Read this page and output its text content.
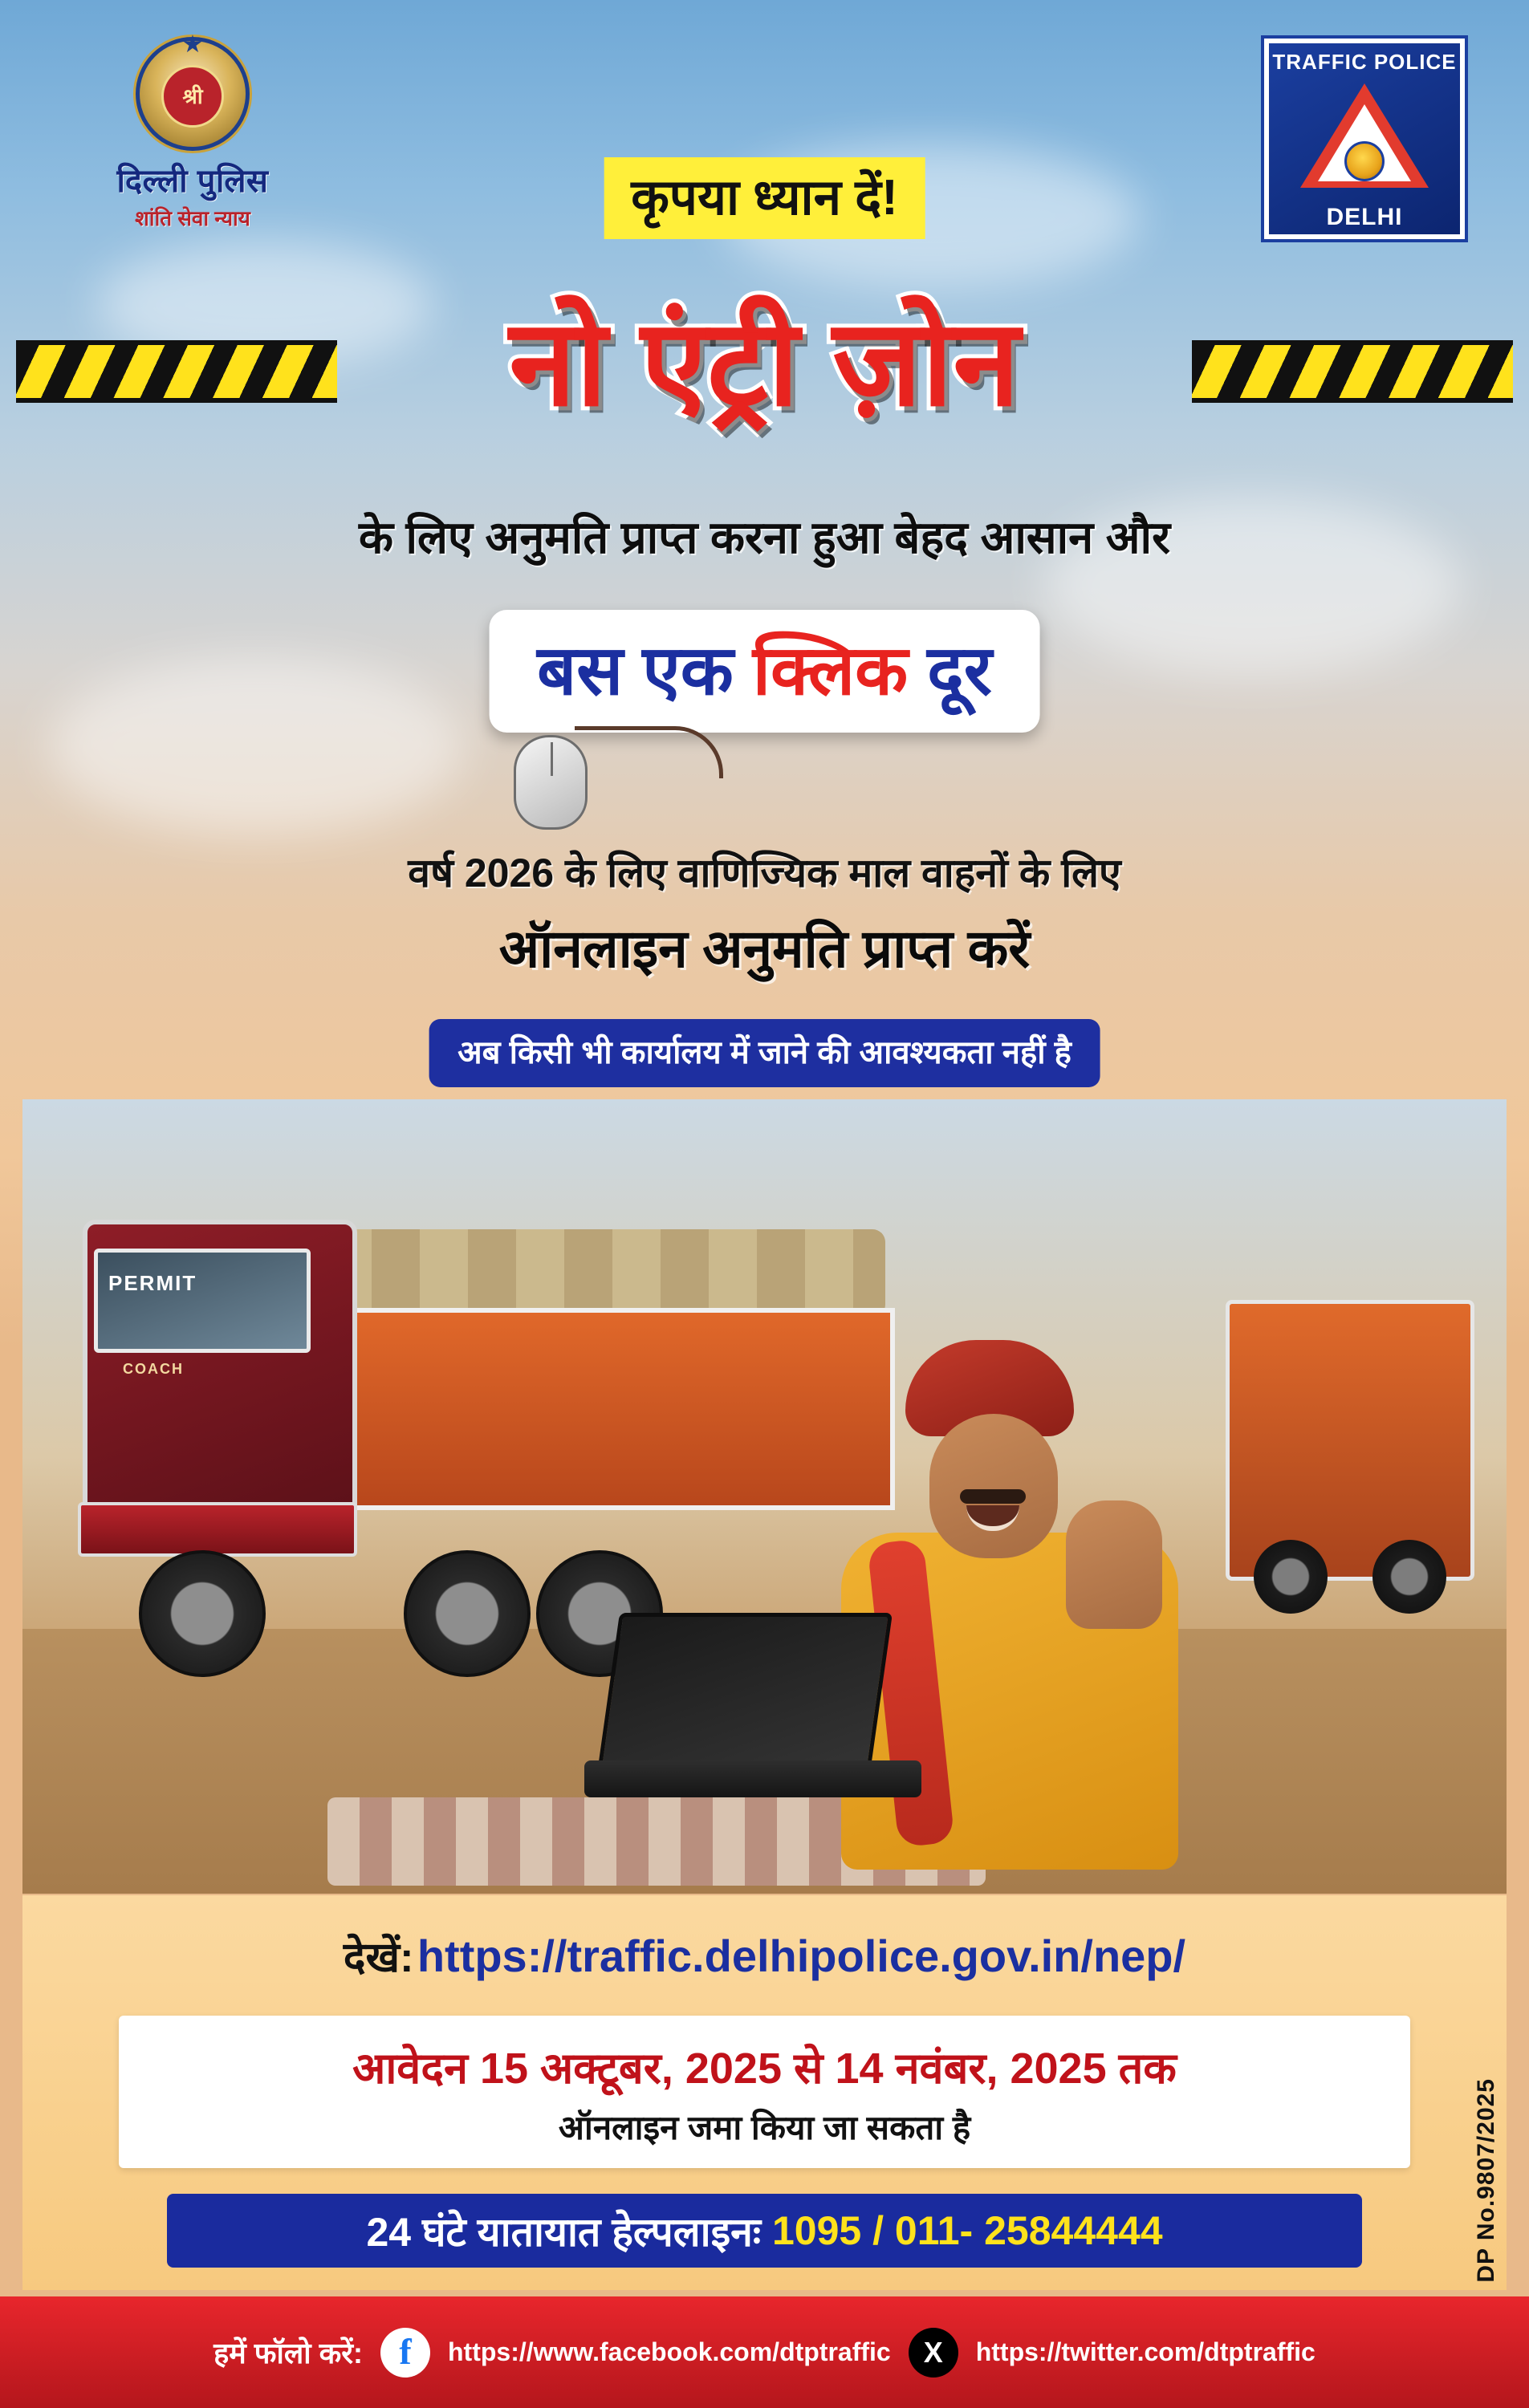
★
श्री
दिल्ली पुलिस
शांति सेवा न्याय
TRAFFIC POLICE
DELHI
कृपया ध्यान दें!
नो एंट्री ज़ोन
के लिए अनुमति प्राप्त करना हुआ बेहद आसान और
बस एक क्लिक दूर
वर्ष 2026 के लिए वाणिज्यिक माल वाहनों के लिए
ऑनलाइन अनुमति प्राप्त करें
अब किसी भी कार्यालय में जाने की आवश्यकता नहीं है
PERMIT
COACH
देखें: https://traffic.delhipolice.gov.in/nep/
आवेदन 15 अक्टूबर, 2025 से 14 नवंबर, 2025 तक
ऑनलाइन जमा किया जा सकता है
24 घंटे यातायात हेल्पलाइनः 1095 / 011- 25844444	DP No.9807/2025
हमें फॉलो करें: f	https://www.facebook.com/dtptraffic	X	https://twitter.com/dtptraffic
